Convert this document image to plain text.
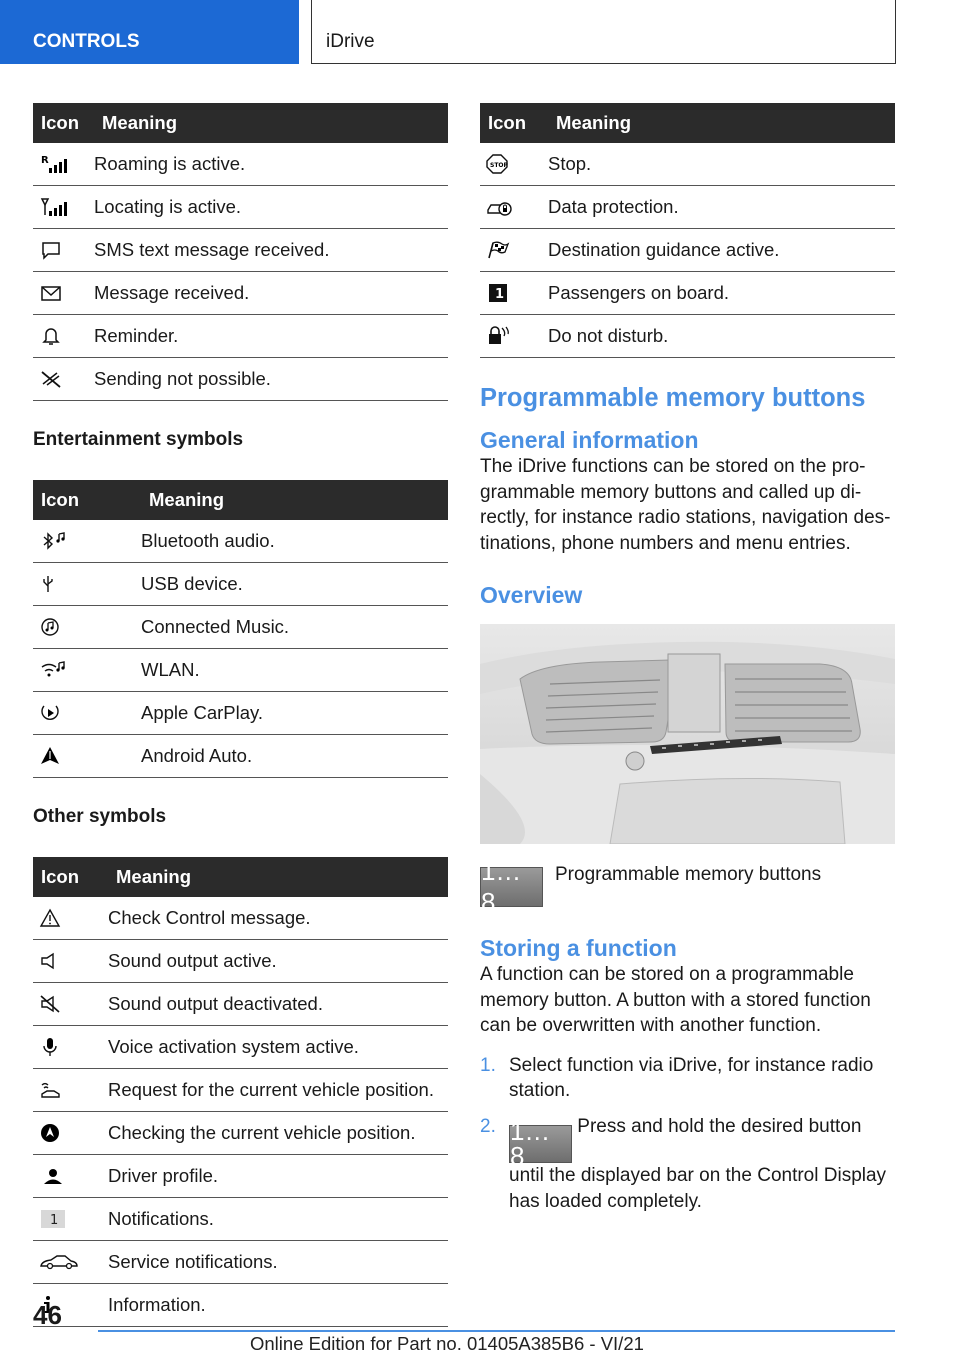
CONTROLS	iDrive
Icon	Meaning

R	Roaming is active.

	Locating is active.

	SMS text message received.

	Message received.

	Reminder.

	Sending not possible.
Entertainment symbols
Icon	Meaning

	Bluetooth audio.

	USB device.

	Connected Music.

	WLAN.

	Apple CarPlay.

	Android Auto.
Other symbols
Icon	Meaning

	Check Control message.

	Sound output active.

	Sound output deactivated.

	Voice activation system active.

	Request for the current vehicle position.

	Checking the current vehicle position.

	Driver profile.

1	Notifications.

	Service notifications.

	Information.
Icon	Meaning

STOP	Stop.

	Data protection.

	Destination guidance active.

1	Passengers on board.

	Do not disturb.
Programmable memory buttons
General information

The iDrive functions can be stored on the programmable memory buttons and called up directly, for instance radio stations, navigation destinations, phone numbers and menu entries.

Overview
1... 8
Programmable memory buttons
Storing a function

A function can be stored on a programmable memory button. A button with a stored function can be overwritten with another function.

1. Select function via iDrive, for instance radio station.
2. 1... 8 Press and hold the desired button until the displayed bar on the Control Display has loaded completely.
46
Online Edition for Part no. 01405A385B6 - VI/21
